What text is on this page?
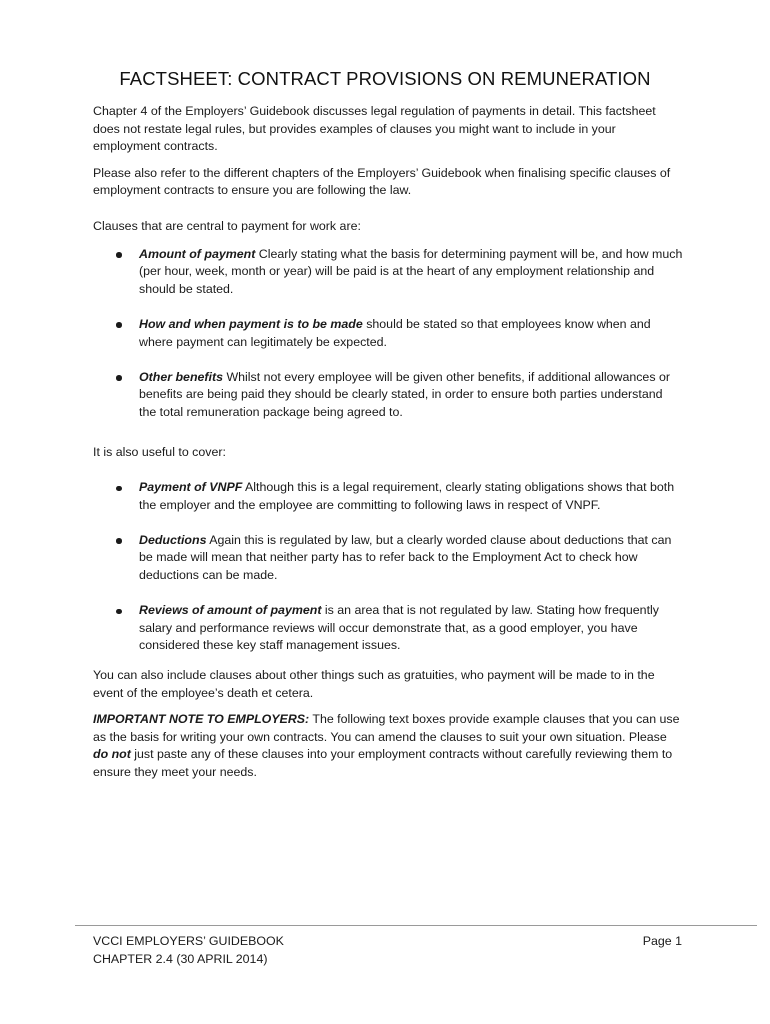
FACTSHEET: CONTRACT PROVISIONS ON REMUNERATION

Chapter 4 of the Employers’ Guidebook discusses legal regulation of payments in detail. This factsheet does not restate legal rules, but provides examples of clauses you might want to include in your employment contracts.

Please also refer to the different chapters of the Employers’ Guidebook when finalising specific clauses of employment contracts to ensure you are following the law.

Clauses that are central to payment for work are:

Amount of payment Clearly stating what the basis for determining payment will be, and how much (per hour, week, month or year) will be paid is at the heart of any employment relationship and should be stated.
How and when payment is to be made should be stated so that employees know when and where payment can legitimately be expected.
Other benefits Whilst not every employee will be given other benefits, if additional allowances or benefits are being paid they should be clearly stated, in order to ensure both parties understand the total remuneration package being agreed to.

It is also useful to cover:

Payment of VNPF Although this is a legal requirement, clearly stating obligations shows that both the employer and the employee are committing to following laws in respect of VNPF.
Deductions Again this is regulated by law, but a clearly worded clause about deductions that can be made will mean that neither party has to refer back to the Employment Act to check how deductions can be made.
Reviews of amount of payment is an area that is not regulated by law. Stating how frequently salary and performance reviews will occur demonstrate that, as a good employer, you have considered these key staff management issues.

You can also include clauses about other things such as gratuities, who payment will be made to in the event of the employee’s death et cetera.

IMPORTANT NOTE TO EMPLOYERS: The following text boxes provide example clauses that you can use as the basis for writing your own contracts. You can amend the clauses to suit your own situation. Please do not just paste any of these clauses into your employment contracts without carefully reviewing them to ensure they meet your needs.

VCCI EMPLOYERS’ GUIDEBOOK
CHAPTER 2.4 (30 APRIL 2014)
Page 1
